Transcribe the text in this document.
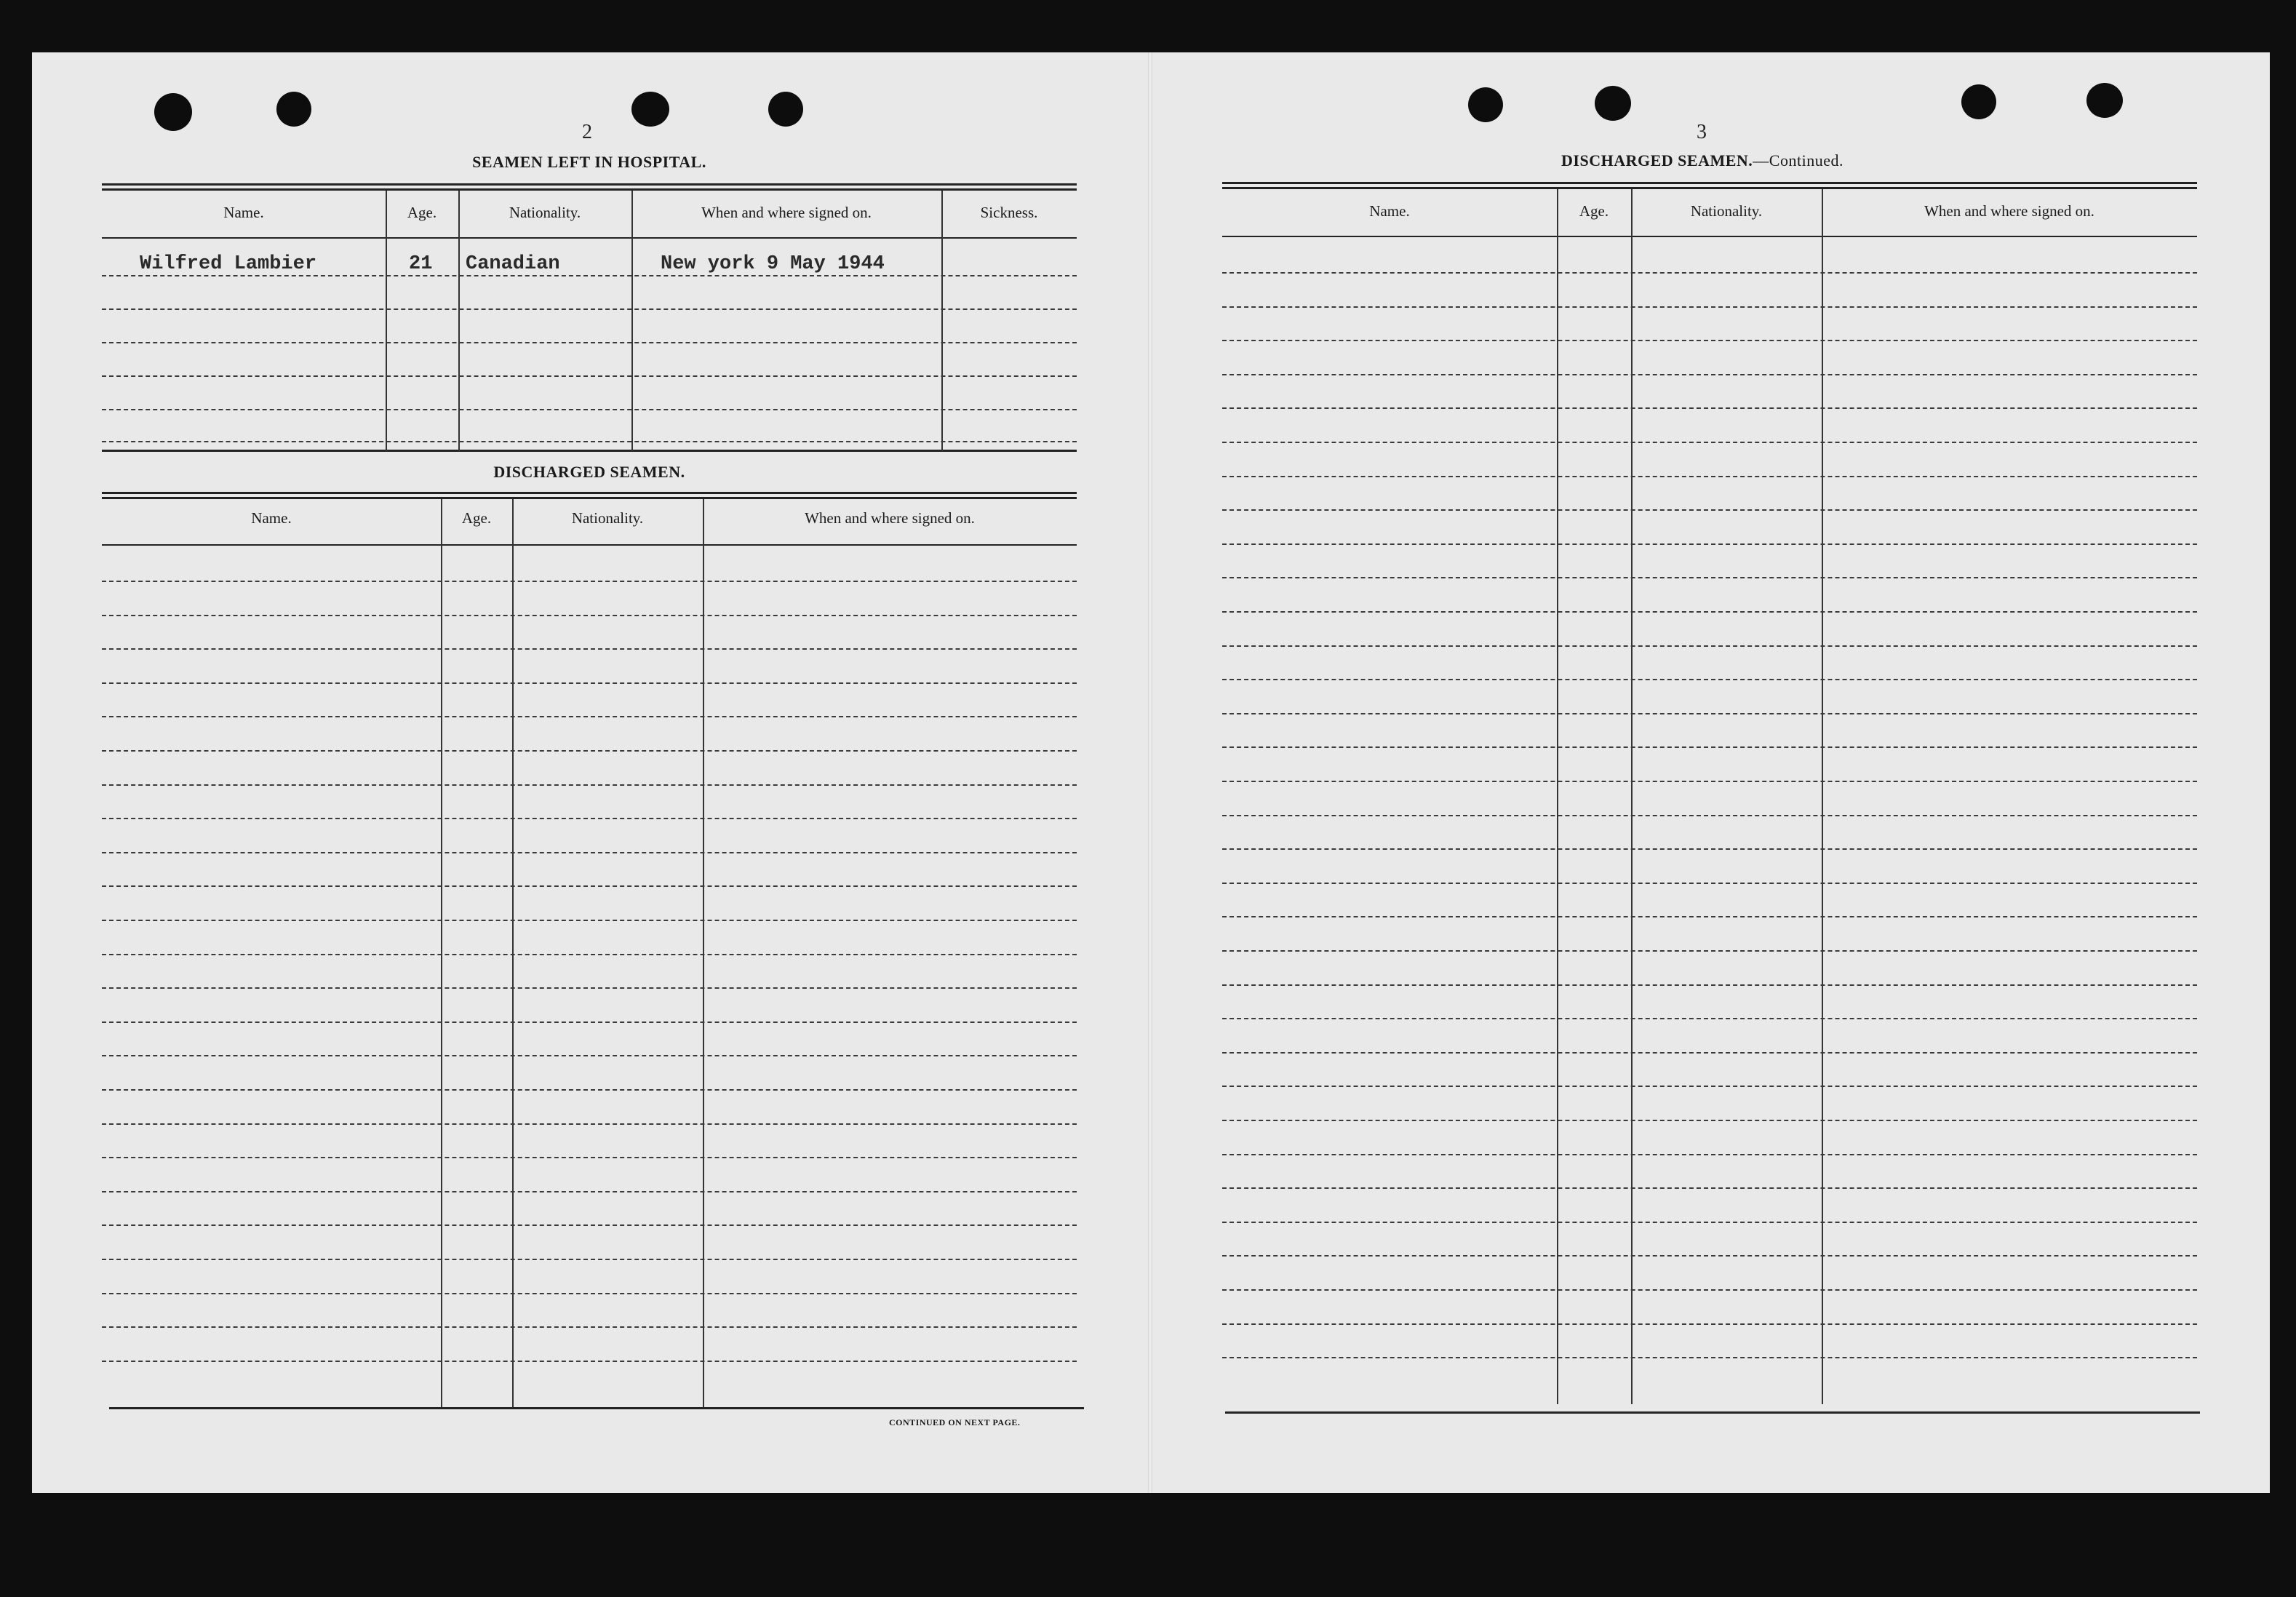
2
SEAMEN LEFT IN HOSPITAL.
Name.	Age.	Nationality.	When and where signed on.	Sickness.
Wilfred Lambier	21 Canadian	New york 9 May 1944
DISCHARGED SEAMEN.
Name.	Age.	Nationality.	When and where signed on.
CONTINUED ON NEXT PAGE.
3
DISCHARGED SEAMEN.—Continued.
Name.	Age.	Nationality.	When and where signed on.
